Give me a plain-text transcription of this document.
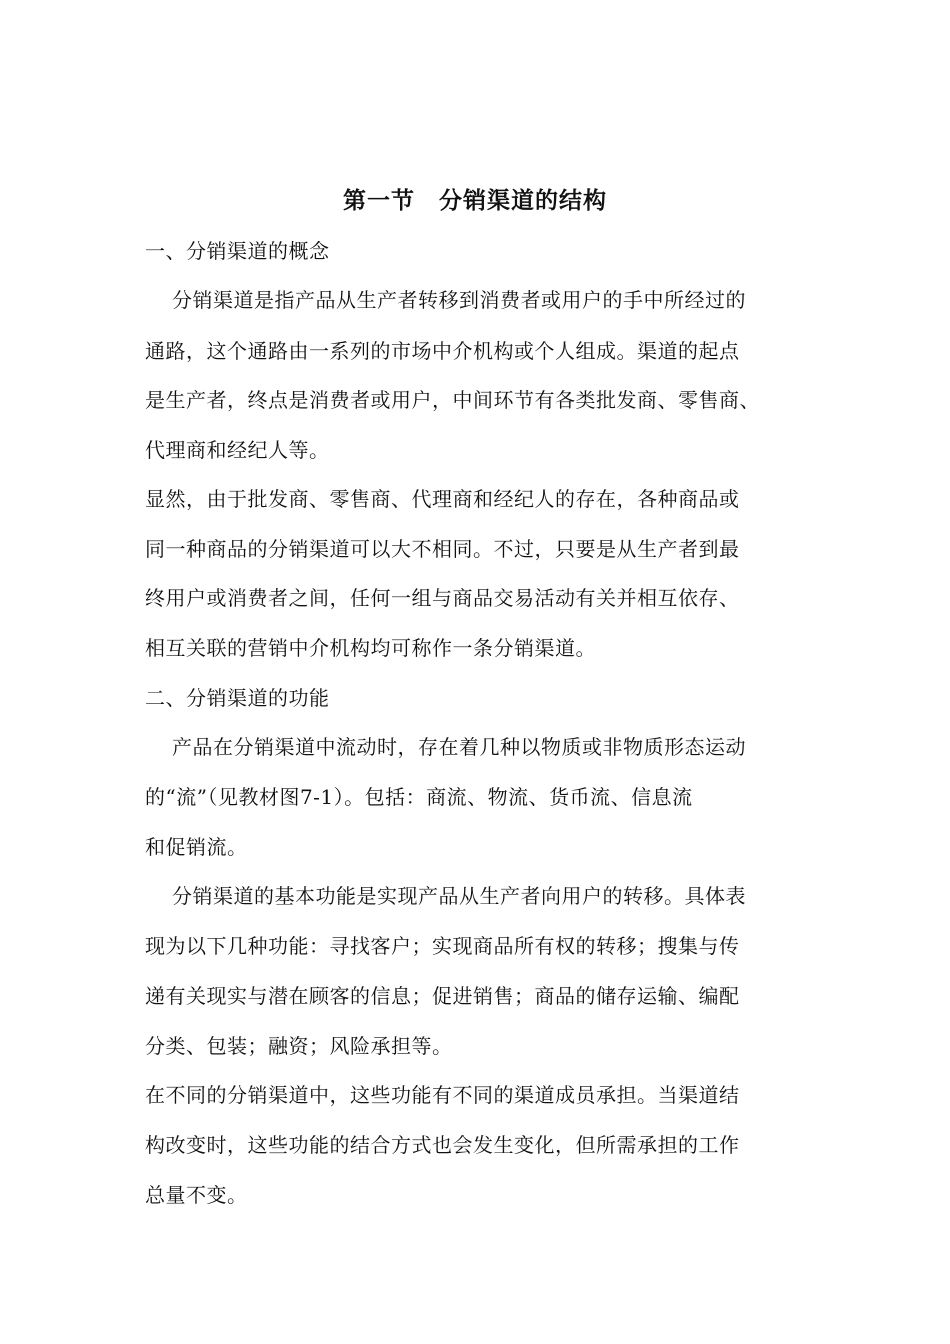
第一节　分销渠道的结构
一、分销渠道的概念
分销渠道是指产品从生产者转移到消费者或用户的手中所经过的
通路，这个通路由一系列的市场中介机构或个人组成。渠道的起点
是生产者，终点是消费者或用户，中间环节有各类批发商、零售商、
代理商和经纪人等。
显然，由于批发商、零售商、代理商和经纪人的存在，各种商品或
同一种商品的分销渠道可以大不相同。不过，只要是从生产者到最
终用户或消费者之间，任何一组与商品交易活动有关并相互依存、
相互关联的营销中介机构均可称作一条分销渠道。
二、分销渠道的功能
产品在分销渠道中流动时，存在着几种以物质或非物质形态运动
的“流”（见教材图7-1）。包括：商流、物流、货币流、信息流
和促销流。
分销渠道的基本功能是实现产品从生产者向用户的转移。具体表
现为以下几种功能：寻找客户；实现商品所有权的转移；搜集与传
递有关现实与潜在顾客的信息；促进销售；商品的储存运输、编配
分类、包装；融资；风险承担等。
在不同的分销渠道中，这些功能有不同的渠道成员承担。当渠道结
构改变时，这些功能的结合方式也会发生变化，但所需承担的工作
总量不变。
